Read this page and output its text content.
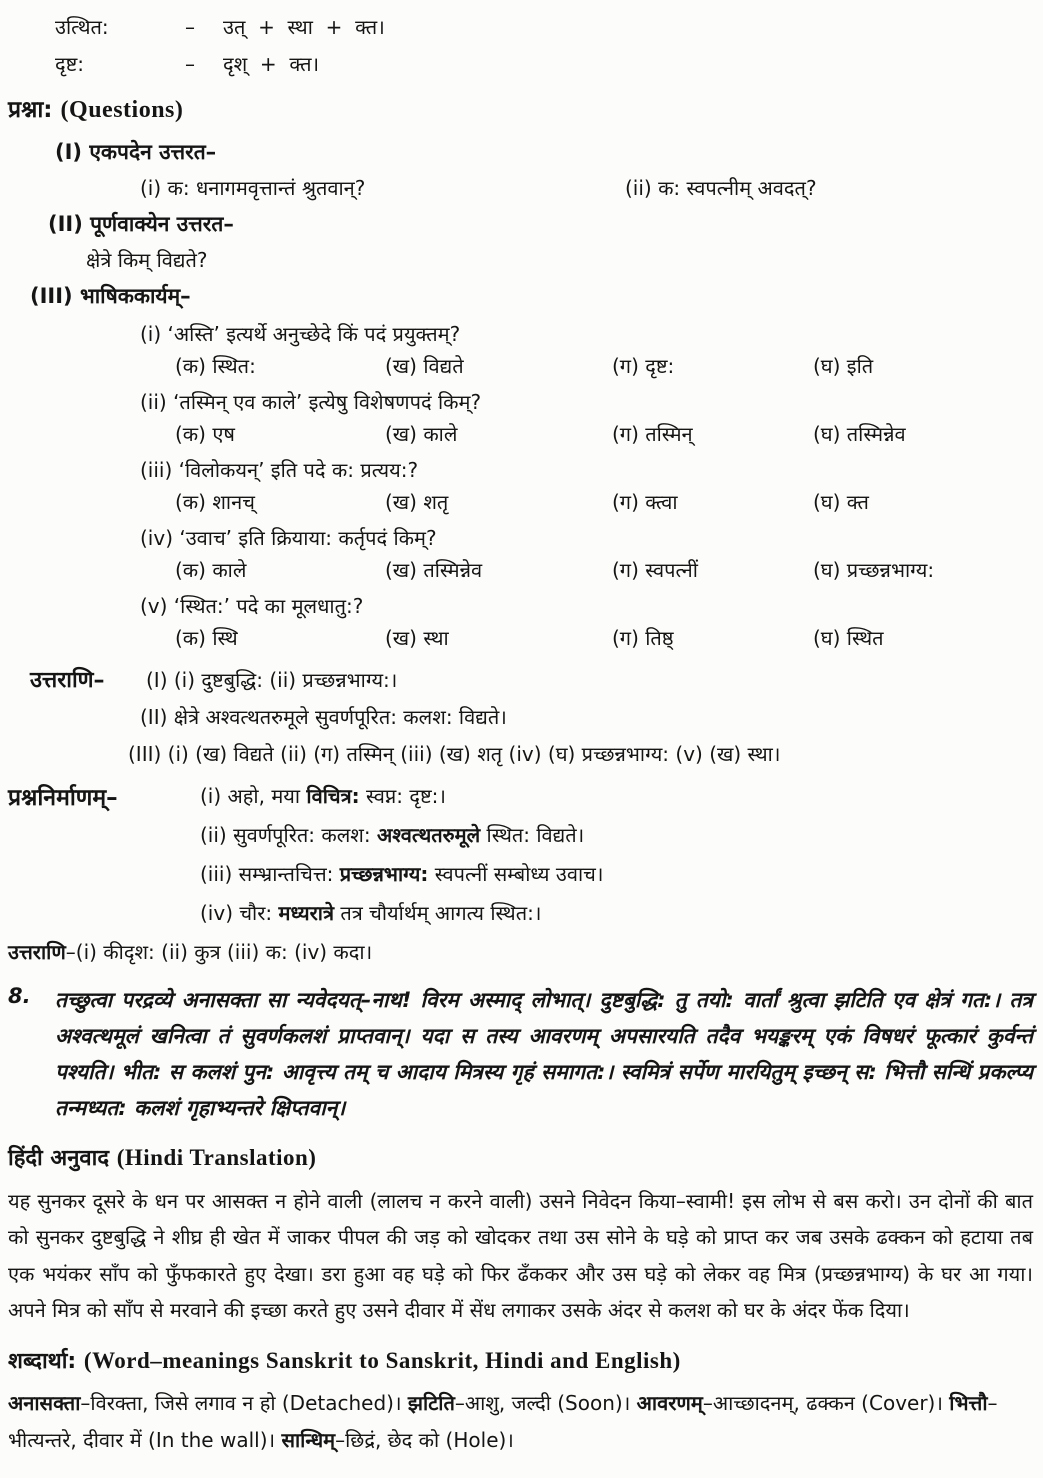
उत्थित:	–	उत्  +  स्था  +  क्त।
दृष्ट:	–	दृश्  +  क्त।
प्रश्ना: (Questions)
(I) एकपदेन उत्तरत–
(i) क: धनागमवृत्तान्तं श्रुतवान्?	(ii) क: स्वपत्नीम् अवदत्?
(II) पूर्णवाक्येन उत्तरत–
क्षेत्रे किम् विद्यते?
(III) भाषिककार्यम्–
(i) ‘अस्ति’ इत्यर्थे अनुच्छेदे किं पदं प्रयुक्तम्?
(क) स्थित:	(ख) विद्यते	(ग) दृष्ट:	(घ) इति
(ii) ‘तस्मिन् एव काले’ इत्येषु विशेषणपदं किम्?
(क) एष	(ख) काले	(ग) तस्मिन्	(घ) तस्मिन्नेव
(iii) ‘विलोकयन्’ इति पदे क: प्रत्यय:?
(क) शानच्	(ख) शतृ	(ग) क्त्वा	(घ) क्त
(iv) ‘उवाच’ इति क्रियाया: कर्तृपदं किम्?
(क) काले	(ख) तस्मिन्नेव	(ग) स्वपत्नीं	(घ) प्रच्छन्नभाग्य:
(v) ‘स्थित:’ पदे का मूलधातु:?
(क) स्थि	(ख) स्था	(ग) तिष्ठ्	(घ) स्थित
उत्तराणि– (I) (i) दुष्टबुद्धि: (ii) प्रच्छन्नभाग्य:।
(II) क्षेत्रे अश्वत्थतरुमूले सुवर्णपूरित: कलश: विद्यते।
(III) (i) (ख) विद्यते (ii) (ग) तस्मिन् (iii) (ख) शतृ (iv) (घ) प्रच्छन्नभाग्य: (v) (ख) स्था।
प्रश्ननिर्माणम्–	(i) अहो, मया विचित्र: स्वप्न: दृष्ट:।
(ii) सुवर्णपूरित: कलश: अश्वत्थतरुमूले स्थित: विद्यते।
(iii) सम्भ्रान्तचित्त: प्रच्छन्नभाग्य: स्वपत्नीं सम्बोध्य उवाच।
(iv) चौर: मध्यरात्रे तत्र चौर्यार्थम् आगत्य स्थित:।
उत्तराणि–(i) कीदृश: (ii) कुत्र (iii) क: (iv) कदा।
8.	तच्छुत्वा परद्रव्ये अनासक्ता सा न्यवेदयत्–नाथ! विरम अस्माद् लोभात्। दुष्टबुद्धि: तु तयो: वार्तां श्रुत्वा झटिति एव क्षेत्रं गत:। तत्र अश्वत्थमूलं खनित्वा तं सुवर्णकलशं प्राप्तवान्। यदा स तस्य आवरणम् अपसारयति तदैव भयङ्करम् एकं विषधरं फूत्कारं कुर्वन्तं पश्यति। भीत: स कलशं पुन: आवृत्त्य तम् च आदाय मित्रस्य गृहं समागत:। स्वमित्रं सर्पेण मारयितुम् इच्छन् स: भित्तौ सन्धिं प्रकल्प्य तन्मध्यत: कलशं गृहाभ्यन्तरे क्षिप्तवान्।
हिंदी अनुवाद (Hindi Translation)
यह सुनकर दूसरे के धन पर आसक्त न होने वाली (लालच न करने वाली) उसने निवेदन किया–स्वामी! इस लोभ से बस करो। उन दोनों की बात को सुनकर दुष्टबुद्धि ने शीघ्र ही खेत में जाकर पीपल की जड़ को खोदकर तथा उस सोने के घड़े को प्राप्त कर जब उसके ढक्कन को हटाया तब एक भयंकर साँप को फुँफकारते हुए देखा। डरा हुआ वह घड़े को फिर ढँककर और उस घड़े को लेकर वह मित्र (प्रच्छन्नभाग्य) के घर आ गया। अपने मित्र को साँप से मरवाने की इच्छा करते हुए उसने दीवार में सेंध लगाकर उसके अंदर से कलश को घर के अंदर फेंक दिया।
शब्दार्था: (Word–meanings Sanskrit to Sanskrit, Hindi and English)
अनासक्ता–विरक्ता, जिसे लगाव न हो (Detached)। झटिति–आशु, जल्दी (Soon)। आवरणम्–आच्छादनम्, ढक्कन (Cover)। भित्तौ–भीत्यन्तरे, दीवार में (In the wall)। सान्धिम्–छिद्रं, छेद को (Hole)।
